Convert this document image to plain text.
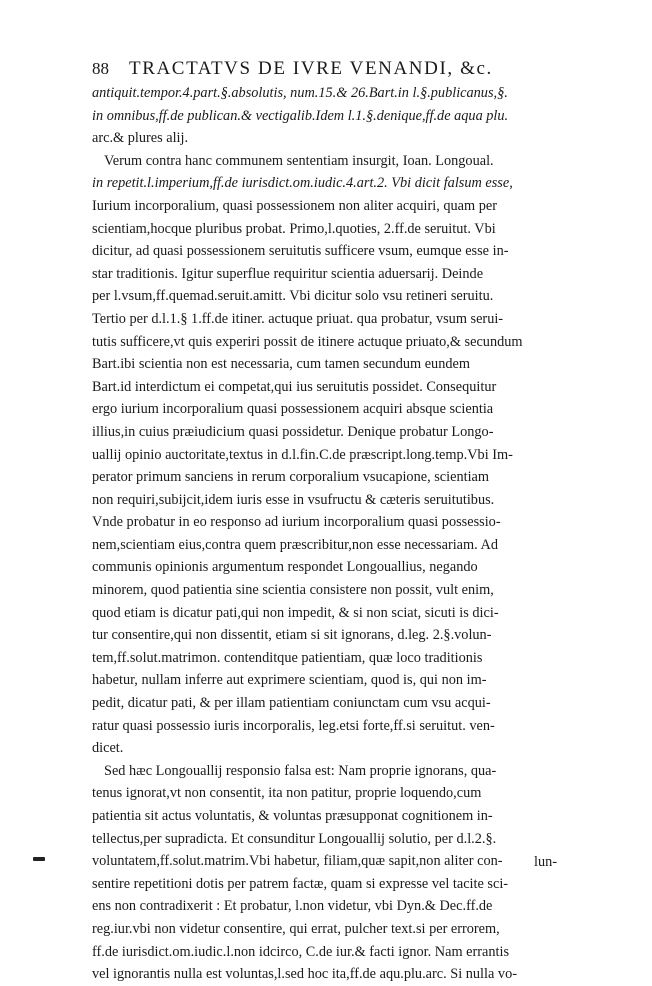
88 TRACTATVS DE IVRE VENANDI, &c.
antiquit.tempor.4.part.§.absolutis, num.15.& 26.Bart.in l.§.publicanus,§.
in omnibus,ff.de publican.& vectigalib.Idem l.1.§.denique,ff.de aqua plu.
arc.& plures alij.
Verum contra hanc communem sententiam insurgit, Ioan. Longoual.
in repetit.l.imperium,ff.de iurisdict.om.iudic.4.art.2. Vbi dicit falsum esse,
Iurium incorporalium, quasi possessionem non aliter acquiri, quam per
scientiam,hocque pluribus probat. Primo,l.quoties, 2.ff.de seruitut. Vbi
dicitur, ad quasi possessionem seruitutis sufficere vsum, eumque esse in-
star traditionis. Igitur superflue requiritur scientia aduersarij. Deinde
per l.vsum,ff.quemad.seruit.amitt. Vbi dicitur solo vsu retineri seruitu.
Tertio per d.l.1.§ 1.ff.de itiner. actuque priuat. qua probatur, vsum serui-
tutis sufficere,vt quis experiri possit de itinere actuque priuato,& secundum
Bart.ibi scientia non est necessaria, cum tamen secundum eundem
Bart.id interdictum ei competat,qui ius seruitutis possidet. Consequitur
ergo iurium incorporalium quasi possessionem acquiri absque scientia
illius,in cuius præiudicium quasi possidetur. Denique probatur Longo-
uallij opinio auctoritate,textus in d.l.fin.C.de præscript.long.temp.Vbi Im-
perator primum sanciens in rerum corporalium vsucapione, scientiam
non requiri,subijcit,idem iuris esse in vsufructu & cæteris seruitutibus.
Vnde probatur in eo responso ad iurium incorporalium quasi possessio-
nem,scientiam eius,contra quem præscribitur,non esse necessariam. Ad
communis opinionis argumentum respondet Longouallius, negando
minorem, quod patientia sine scientia consistere non possit, vult enim,
quod etiam is dicatur pati,qui non impedit, & si non sciat, sicuti is dici-
tur consentire,qui non dissentit, etiam si sit ignorans, d.leg. 2.§.volun-
tem,ff.solut.matrimon. contenditque patientiam, quæ loco traditionis
habetur, nullam inferre aut exprimere scientiam, quod is, qui non im-
pedit, dicatur pati, & per illam patientiam coniunctam cum vsu acqui-
ratur quasi possessio iuris incorporalis, leg.etsi forte,ff.si seruitut. ven-
dicet.
Sed hæc Longouallij responsio falsa est: Nam proprie ignorans, qua-
tenus ignorat,vt non consentit, ita non patitur, proprie loquendo,cum
patientia sit actus voluntatis, & voluntas præsupponat cognitionem in-
tellectus,per supradicta. Et consunditur Longouallij solutio, per d.l.2.§.
voluntatem,ff.solut.matrim.Vbi habetur, filiam,quæ sapit,non aliter con-
sentire repetitioni dotis per patrem factæ, quam si expresse vel tacite sci-
ens non contradixerit : Et probatur, l.non videtur, vbi Dyn.& Dec.ff.de
reg.iur.vbi non videtur consentire, qui errat, pulcher text.si per errorem,
ff.de iurisdict.om.iudic.l.non idcirco, C.de iur.& facti ignor. Nam errantis
vel ignorantis nulla est voluntas,l.sed hoc ita,ff.de aqu.plu.arc. Si nulla vo-
lun-
